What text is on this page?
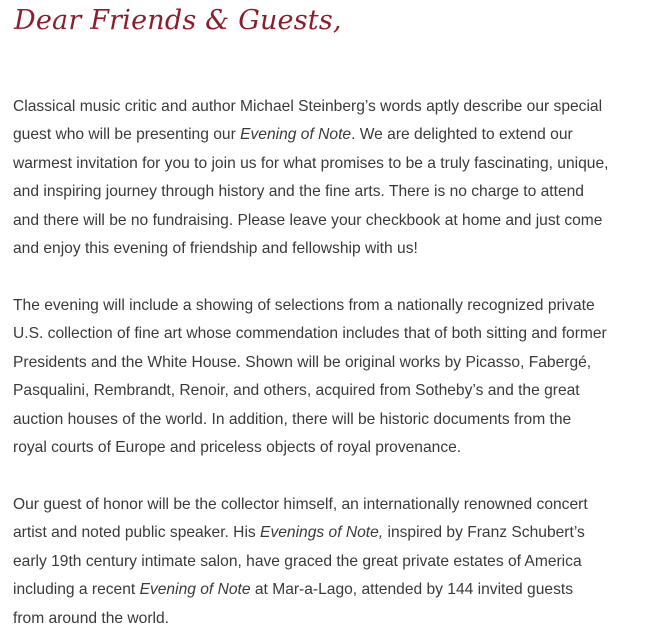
Dear Friends & Guests,

Classical music critic and author Michael Steinberg’s words aptly describe our special
guest who will be presenting our Evening of Note. We are delighted to extend our
warmest invitation for you to join us for what promises to be a truly fascinating, unique,
and inspiring journey through history and the fine arts. There is no charge to attend
and there will be no fundraising. Please leave your checkbook at home and just come
and enjoy this evening of friendship and fellowship with us!

The evening will include a showing of selections from a nationally recognized private
U.S. collection of fine art whose commendation includes that of both sitting and former
Presidents and the White House. Shown will be original works by Picasso, Fabergé,
Pasqualini, Rembrandt, Renoir, and others, acquired from Sotheby’s and the great
auction houses of the world. In addition, there will be historic documents from the
royal courts of Europe and priceless objects of royal provenance.

Our guest of honor will be the collector himself, an internationally renowned concert
artist and noted public speaker. His Evenings of Note, inspired by Franz Schubert’s
early 19th century intimate salon, have graced the great private estates of America
including a recent Evening of Note at Mar-a-Lago, attended by 144 invited guests
from around the world.
